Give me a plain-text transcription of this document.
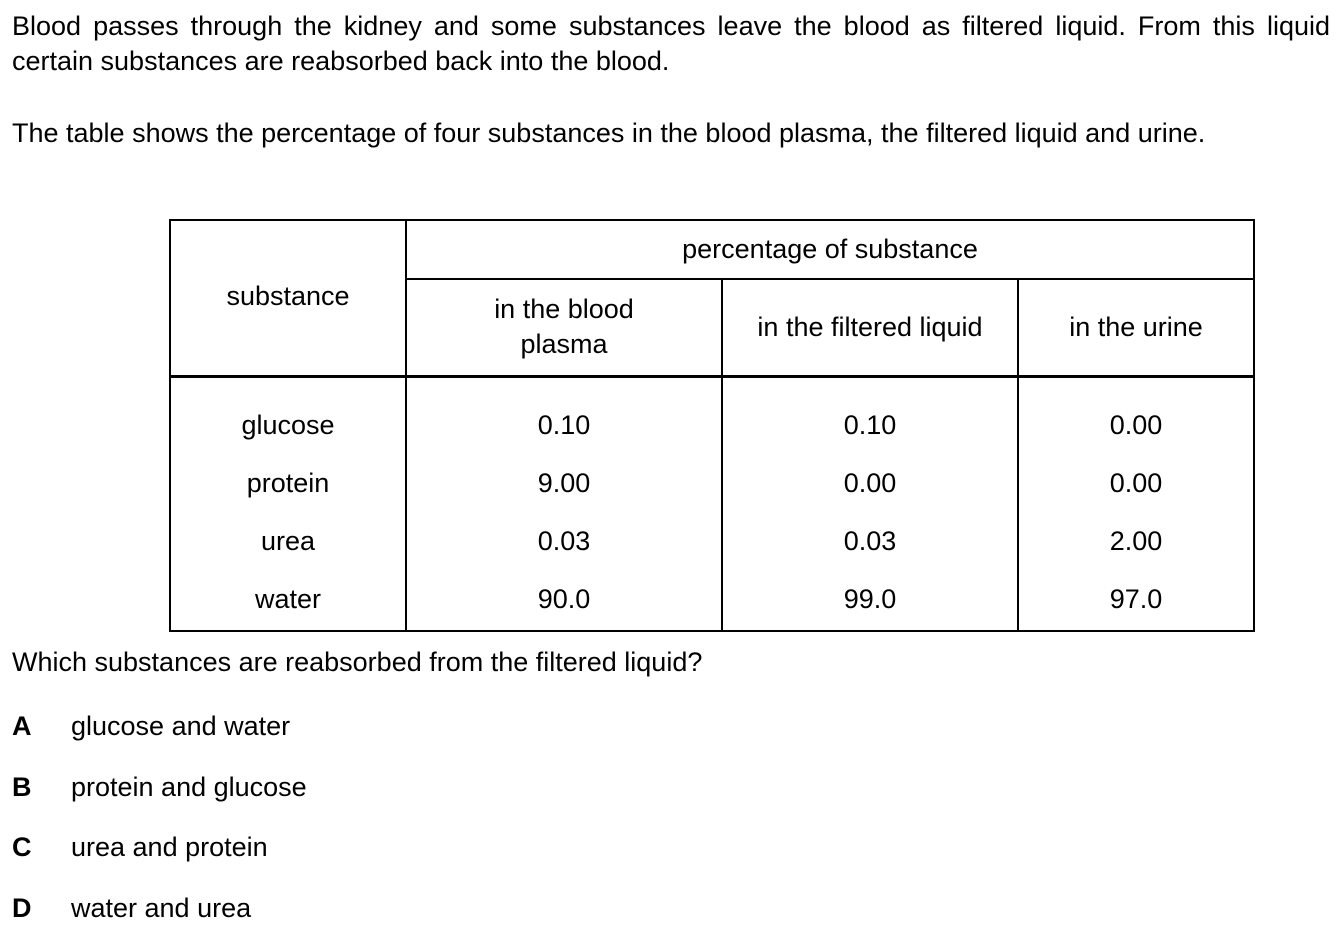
Blood passes through the kidney and some substances leave the blood as filtered liquid. From this liquid certain substances are reabsorbed back into the blood.

The table shows the percentage of four substances in the blood plasma, the filtered liquid and urine.

substance	percentage of substance		
	in the blood plasma	in the filtered liquid	in the urine
glucose	0.10	0.10	0.00
protein	9.00	0.00	0.00
urea	0.03	0.03	2.00
water	90.0	99.0	97.0

Which substances are reabsorbed from the filtered liquid?

A	glucose and water
B	protein and glucose
C	urea and protein
D	water and urea
